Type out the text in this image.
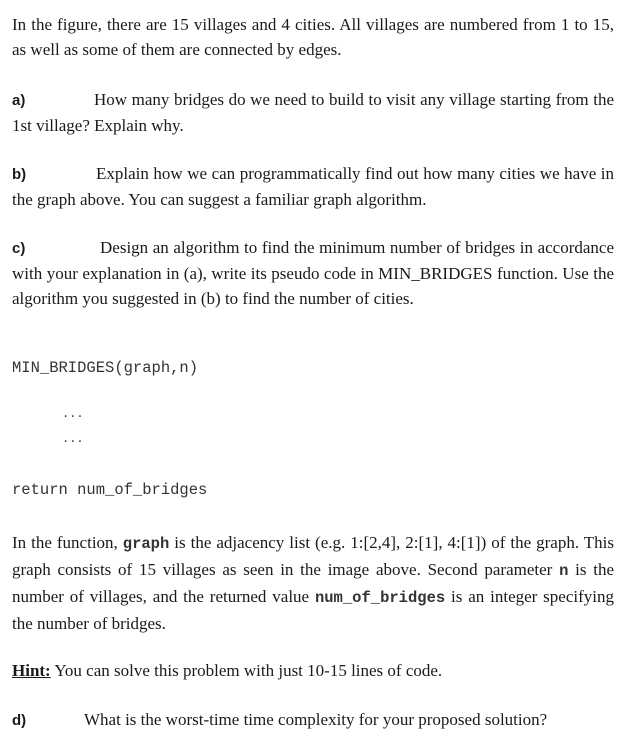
In the figure, there are 15 villages and 4 cities. All villages are numbered from 1 to 15, as well as some of them are connected by edges.

a)	How many bridges do we need to build to visit any village starting from the 1st village? Explain why.

b)	Explain how we can programmatically find out how many cities we have in the graph above. You can suggest a familiar graph algorithm.

c)	Design an algorithm to find the minimum number of bridges in accordance with your explanation in (a), write its pseudo code in MIN_BRIDGES function. Use the algorithm you suggested in (b) to find the number of cities.

MIN_BRIDGES(graph,n)
...
...
return num_of_bridges

In the function, graph is the adjacency list (e.g. 1:[2,4], 2:[1], 4:[1]) of the graph. This graph consists of 15 villages as seen in the image above. Second parameter n is the number of villages, and the returned value num_of_bridges is an integer specifying the number of bridges.

Hint: You can solve this problem with just 10-15 lines of code.

d)	What is the worst-time time complexity for your proposed solution?
